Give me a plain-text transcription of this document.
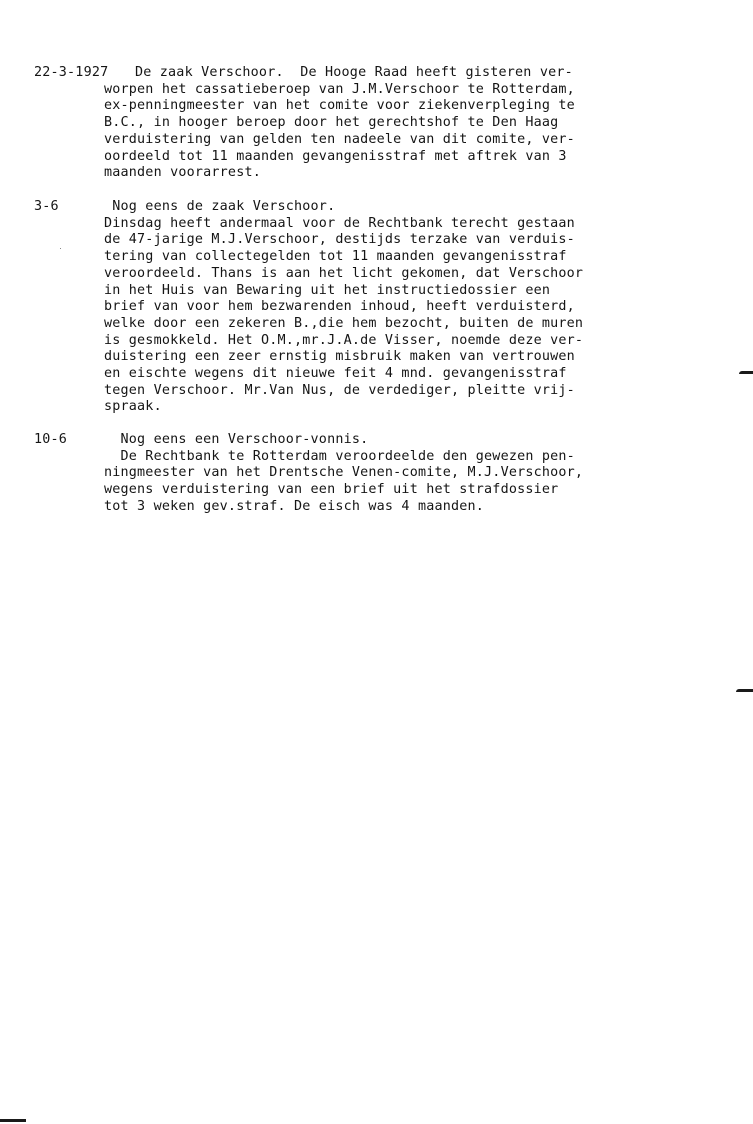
22-3-1927 De zaak Verschoor.  De Hooge Raad heeft gisteren ver-
worpen het cassatieberoep van J.M.Verschoor te Rotterdam,
ex-penningmeester van het comite voor ziekenverpleging te
B.C., in hooger beroep door het gerechtshof te Den Haag
verduistering van gelden ten nadeele van dit comite, ver-
oordeeld tot 11 maanden gevangenisstraf met aftrek van 3
maanden voorarrest.
3-6	Nog eens de zaak Verschoor.
Dinsdag heeft andermaal voor de Rechtbank terecht gestaan
de 47-jarige M.J.Verschoor, destijds terzake van verduis-
tering van collectegelden tot 11 maanden gevangenisstraf
veroordeeld. Thans is aan het licht gekomen, dat Verschoor
in het Huis van Bewaring uit het instructiedossier een
brief van voor hem bezwarenden inhoud, heeft verduisterd,
welke door een zekeren B.,die hem bezocht, buiten de muren
is gesmokkeld. Het O.M.,mr.J.A.de Visser, noemde deze ver-
duistering een zeer ernstig misbruik maken van vertrouwen
en eischte wegens dit nieuwe feit 4 mnd. gevangenisstraf
tegen Verschoor. Mr.Van Nus, de verdediger, pleitte vrij-
spraak.
10-6	Nog eens een Verschoor-vonnis.
De Rechtbank te Rotterdam veroordeelde den gewezen pen-
ningmeester van het Drentsche Venen-comite, M.J.Verschoor,
wegens verduistering van een brief uit het strafdossier
tot 3 weken gev.straf. De eisch was 4 maanden.
